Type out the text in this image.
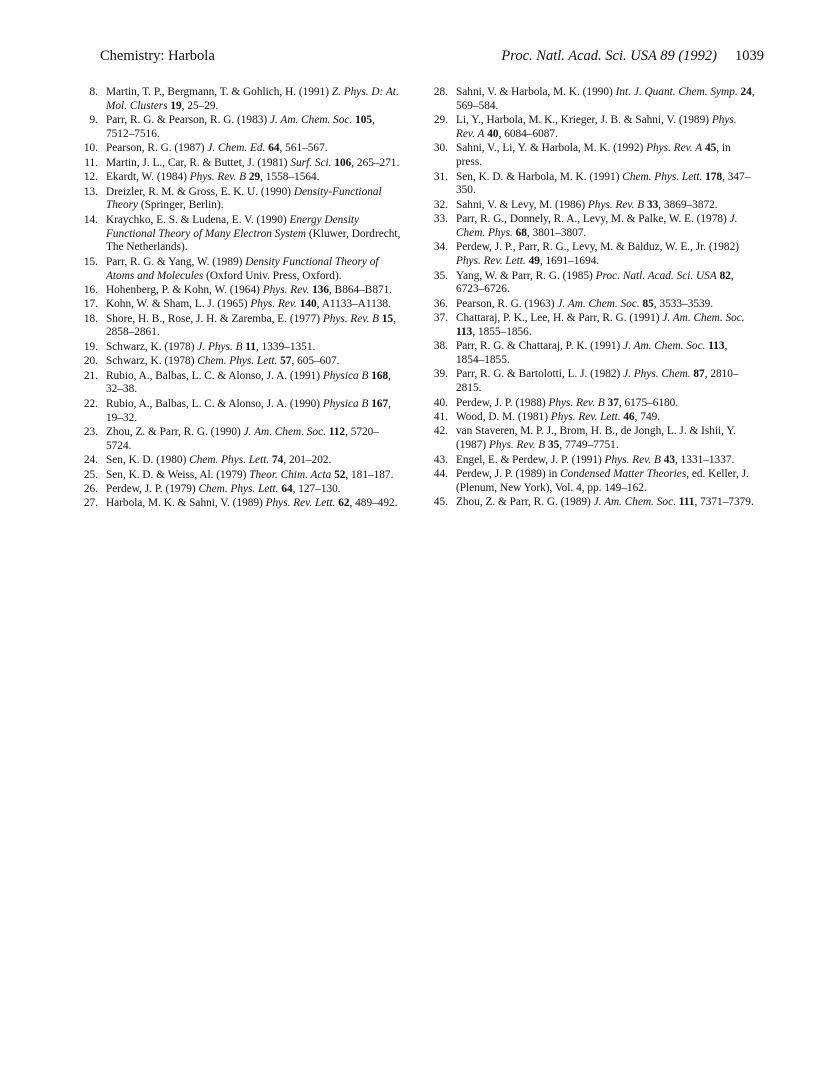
Chemistry: Harbola	Proc. Natl. Acad. Sci. USA 89 (1992) 1039
8. Martin, T. P., Bergmann, T. & Gohlich, H. (1991) Z. Phys. D: At. Mol. Clusters 19, 25–29.
9. Parr, R. G. & Pearson, R. G. (1983) J. Am. Chem. Soc. 105, 7512–7516.
10. Pearson, R. G. (1987) J. Chem. Ed. 64, 561–567.
11. Martin, J. L., Car, R. & Buttet, J. (1981) Surf. Sci. 106, 265–271.
12. Ekardt, W. (1984) Phys. Rev. B 29, 1558–1564.
13. Dreizler, R. M. & Gross, E. K. U. (1990) Density-Functional Theory (Springer, Berlin).
14. Kraychko, E. S. & Ludena, E. V. (1990) Energy Density Functional Theory of Many Electron System (Kluwer, Dordrecht, The Netherlands).
15. Parr, R. G. & Yang, W. (1989) Density Functional Theory of Atoms and Molecules (Oxford Univ. Press, Oxford).
16. Hohenberg, P. & Kohn, W. (1964) Phys. Rev. 136, B864–B871.
17. Kohn, W. & Sham, L. J. (1965) Phys. Rev. 140, A1133–A1138.
18. Shore, H. B., Rose, J. H. & Zaremba, E. (1977) Phys. Rev. B 15, 2858–2861.
19. Schwarz, K. (1978) J. Phys. B 11, 1339–1351.
20. Schwarz, K. (1978) Chem. Phys. Lett. 57, 605–607.
21. Rubio, A., Balbas, L. C. & Alonso, J. A. (1991) Physica B 168, 32–38.
22. Rubio, A., Balbas, L. C. & Alonso, J. A. (1990) Physica B 167, 19–32.
23. Zhou, Z. & Parr, R. G. (1990) J. Am. Chem. Soc. 112, 5720–5724.
24. Sen, K. D. (1980) Chem. Phys. Lett. 74, 201–202.
25. Sen, K. D. & Weiss, Al. (1979) Theor. Chim. Acta 52, 181–187.
26. Perdew, J. P. (1979) Chem. Phys. Lett. 64, 127–130.
27. Harbola, M. K. & Sahni, V. (1989) Phys. Rev. Lett. 62, 489–492.
28. Sahni, V. & Harbola, M. K. (1990) Int. J. Quant. Chem. Symp. 24, 569–584.
29. Li, Y., Harbola, M. K., Krieger, J. B. & Sahni, V. (1989) Phys. Rev. A 40, 6084–6087.
30. Sahni, V., Li, Y. & Harbola, M. K. (1992) Phys. Rev. A 45, in press.
31. Sen, K. D. & Harbola, M. K. (1991) Chem. Phys. Lett. 178, 347–350.
32. Sahni, V. & Levy, M. (1986) Phys. Rev. B 33, 3869–3872.
33. Parr, R. G., Donnely, R. A., Levy, M. & Palke, W. E. (1978) J. Chem. Phys. 68, 3801–3807.
34. Perdew, J. P., Parr, R. G., Levy, M. & Balduz, W. E., Jr. (1982) Phys. Rev. Lett. 49, 1691–1694.
35. Yang, W. & Parr, R. G. (1985) Proc. Natl. Acad. Sci. USA 82, 6723–6726.
36. Pearson, R. G. (1963) J. Am. Chem. Soc. 85, 3533–3539.
37. Chattaraj, P. K., Lee, H. & Parr, R. G. (1991) J. Am. Chem. Soc. 113, 1855–1856.
38. Parr, R. G. & Chattaraj, P. K. (1991) J. Am. Chem. Soc. 113, 1854–1855.
39. Parr, R. G. & Bartolotti, L. J. (1982) J. Phys. Chem. 87, 2810–2815.
40. Perdew, J. P. (1988) Phys. Rev. B 37, 6175–6180.
41. Wood, D. M. (1981) Phys. Rev. Lett. 46, 749.
42. van Staveren, M. P. J., Brom, H. B., de Jongh, L. J. & Ishii, Y. (1987) Phys. Rev. B 35, 7749–7751.
43. Engel, E. & Perdew, J. P. (1991) Phys. Rev. B 43, 1331–1337.
44. Perdew, J. P. (1989) in Condensed Matter Theories, ed. Keller, J. (Plenum, New York), Vol. 4, pp. 149–162.
45. Zhou, Z. & Parr, R. G. (1989) J. Am. Chem. Soc. 111, 7371–7379.
